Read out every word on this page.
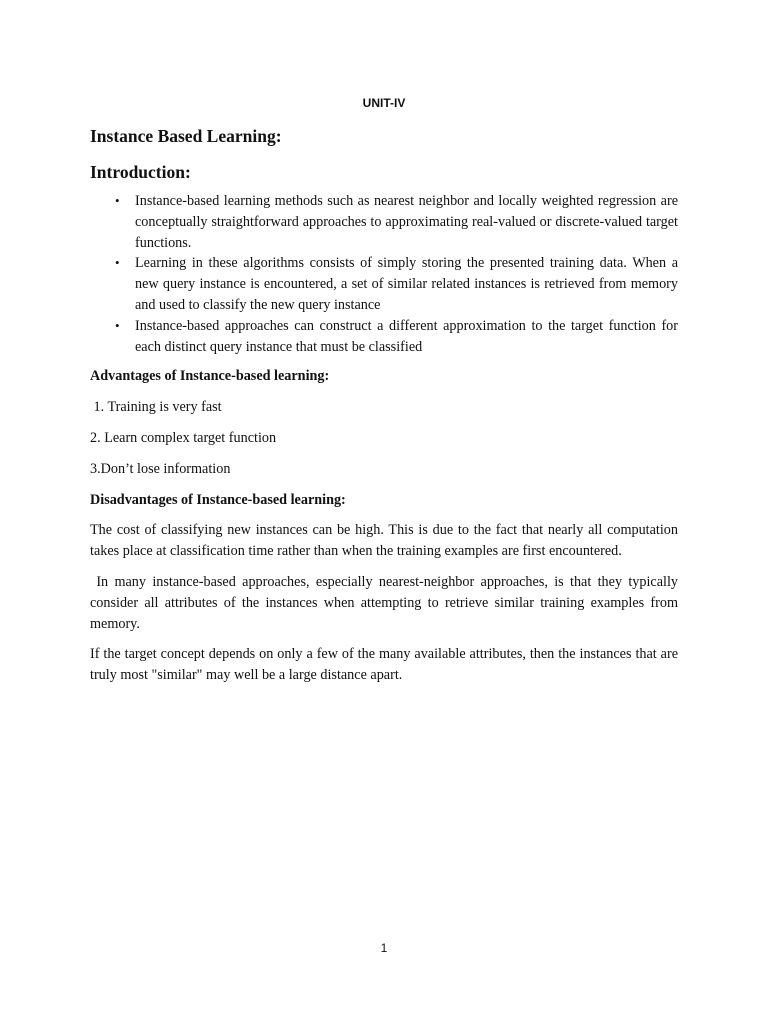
UNIT-IV
Instance Based Learning:
Introduction:
• Instance-based learning methods such as nearest neighbor and locally weighted regression are conceptually straightforward approaches to approximating real-valued or discrete-valued target functions.
• Learning in these algorithms consists of simply storing the presented training data. When a new query instance is encountered, a set of similar related instances is retrieved from memory and used to classify the new query instance
• Instance-based approaches can construct a different approximation to the target function for each distinct query instance that must be classified

Advantages of Instance-based learning:

1. Training is very fast

2. Learn complex target function

3.Don’t lose information

Disadvantages of Instance-based learning:

The cost of classifying new instances can be high. This is due to the fact that nearly all computation takes place at classification time rather than when the training examples are first encountered.

In many instance-based approaches, especially nearest-neighbor approaches, is that they typically consider all attributes of the instances when attempting to retrieve similar training examples from memory.

If the target concept depends on only a few of the many available attributes, then the instances that are truly most "similar" may well be a large distance apart.

1
